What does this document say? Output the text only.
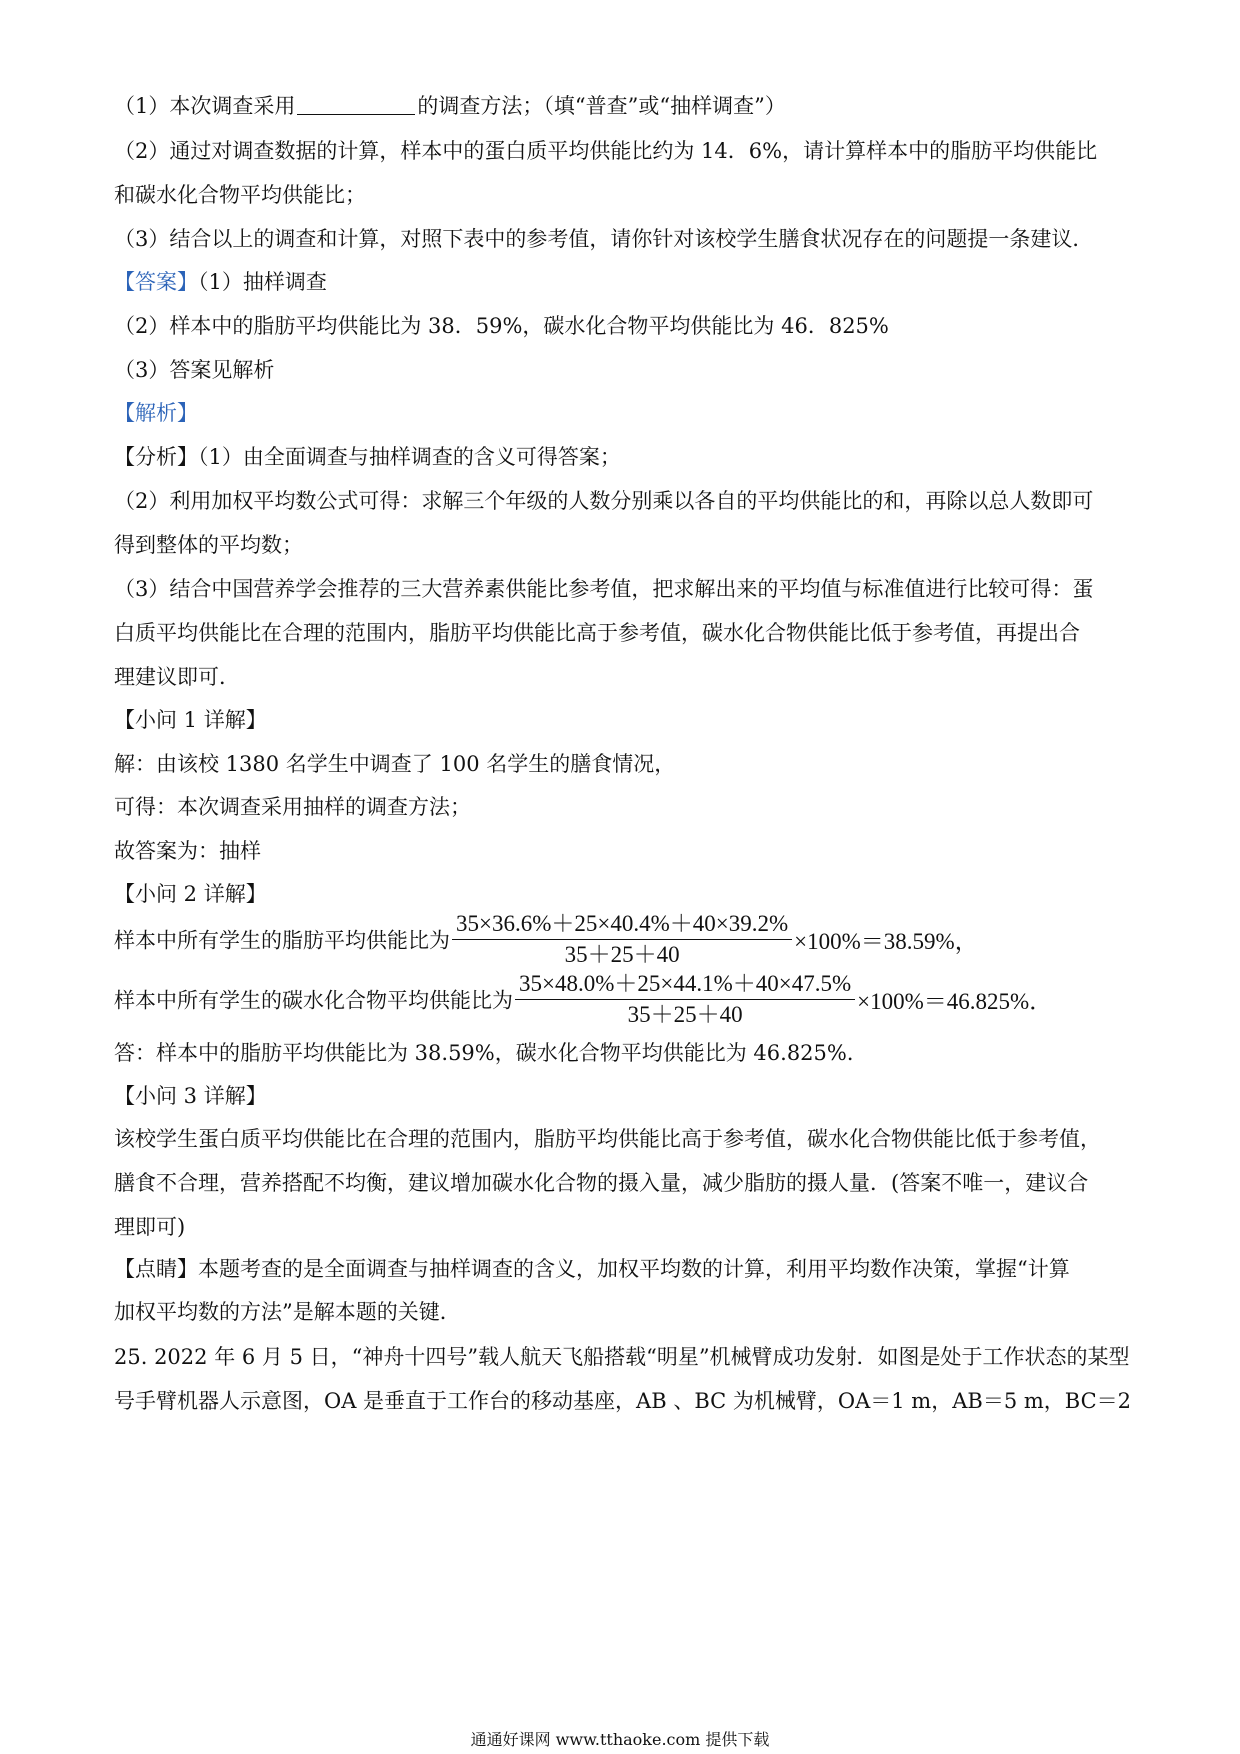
（1）本次调查采用	的调查方法；（填“普查”或“抽样调查”）
（2）通过对调查数据的计算，样本中的蛋白质平均供能比约为 14．6%，请计算样本中的脂肪平均供能比
和碳水化合物平均供能比；
（3）结合以上的调查和计算，对照下表中的参考值，请你针对该校学生膳食状况存在的问题提一条建议．
【答案】（1）抽样调查
（2）样本中的脂肪平均供能比为 38．59%，碳水化合物平均供能比为 46．825%
（3）答案见解析
【解析】
【分析】（1）由全面调查与抽样调查的含义可得答案；
（2）利用加权平均数公式可得：求解三个年级的人数分别乘以各自的平均供能比的和，再除以总人数即可
得到整体的平均数；
（3）结合中国营养学会推荐的三大营养素供能比参考值，把求解出来的平均值与标准值进行比较可得：蛋
白质平均供能比在合理的范围内，脂肪平均供能比高于参考值，碳水化合物供能比低于参考值，再提出合
理建议即可．
【小问 1 详解】
解：由该校 1380 名学生中调查了 100 名学生的膳食情况，
可得：本次调查采用抽样的调查方法；
故答案为：抽样
【小问 2 详解】
样本中所有学生的脂肪平均供能比为 $\frac{35\times 36.6\%+25\times 40.4\%+40\times 39.2\%}{35+25+40} \times 100\%=38.59\%$，
样本中所有学生的碳水化合物平均供能比为 $\frac{35\times 48.0\%+25\times 44.1\%+40\times 47.5\%}{35+25+40} \times 100\%=46.825\%$．
答：样本中的脂肪平均供能比为 38.59%，碳水化合物平均供能比为 46.825%．
【小问 3 详解】
该校学生蛋白质平均供能比在合理的范围内，脂肪平均供能比高于参考值，碳水化合物供能比低于参考值，
膳食不合理，营养搭配不均衡，建议增加碳水化合物的摄入量，减少脂肪的摄人量．(答案不唯一，建议合
理即可)
【点睛】本题考查的是全面调查与抽样调查的含义，加权平均数的计算，利用平均数作决策，掌握“计算
加权平均数的方法”是解本题的关键．
25. 2022 年 6 月 5 日，“神舟十四号”载人航天飞船搭载“明星”机械臂成功发射．如图是处于工作状态的某型
号手臂机器人示意图，OA 是垂直于工作台的移动基座，AB 、BC 为机械臂，OA＝1 m，AB＝5 m，BC＝2
通通好课网 www.tthaoke.com 提供下载
